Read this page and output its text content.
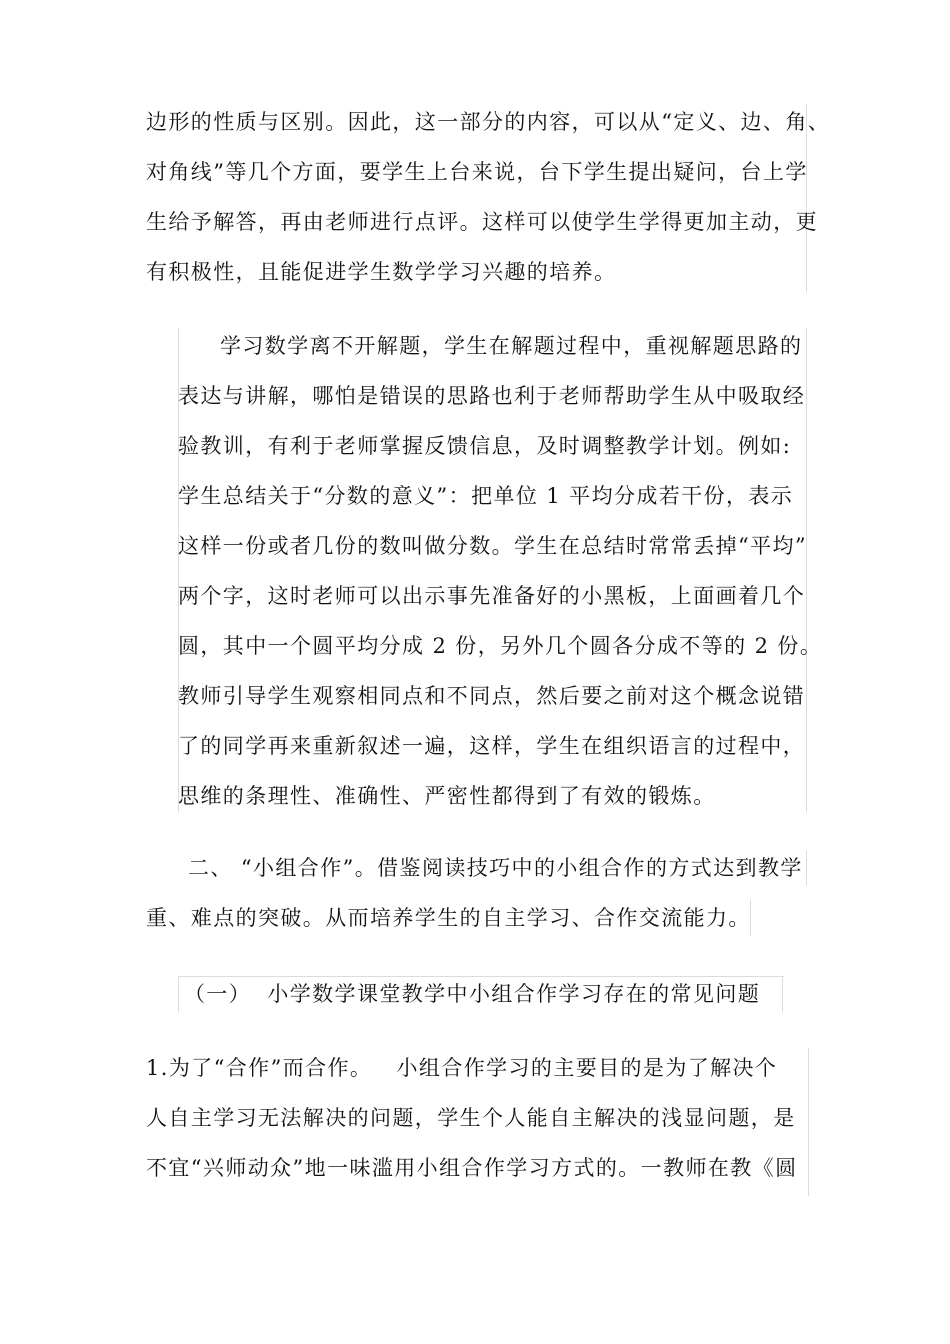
边形的性质与区别。因此，这一部分的内容，可以从“定义、边、角、
对角线”等几个方面，要学生上台来说，台下学生提出疑问，台上学
生给予解答，再由老师进行点评。这样可以使学生学得更加主动，更
有积极性，且能促进学生数学学习兴趣的培养。
学习数学离不开解题，学生在解题过程中，重视解题思路的
表达与讲解，哪怕是错误的思路也利于老师帮助学生从中吸取经
验教训，有利于老师掌握反馈信息，及时调整教学计划。例如:
学生总结关于“分数的意义”：把单位 1 平均分成若干份，表示
这样一份或者几份的数叫做分数。学生在总结时常常丢掉“平均”
两个字，这时老师可以出示事先准备好的小黑板，上面画着几个
圆，其中一个圆平均分成 2 份，另外几个圆各分成不等的 2 份。
教师引导学生观察相同点和不同点，然后要之前对这个概念说错
了的同学再来重新叙述一遍，这样，学生在组织语言的过程中，
思维的条理性、准确性、严密性都得到了有效的锻炼。
二、 “小组合作”。借鉴阅读技巧中的小组合作的方式达到教学
重、难点的突破。从而培养学生的自主学习、合作交流能力。
（一）  小学数学课堂教学中小组合作学习存在的常见问题
1.为了“合作”而合作。   小组合作学习的主要目的是为了解决个
人自主学习无法解决的问题，学生个人能自主解决的浅显问题，是
不宜“兴师动众”地一味滥用小组合作学习方式的。一教师在教《圆
